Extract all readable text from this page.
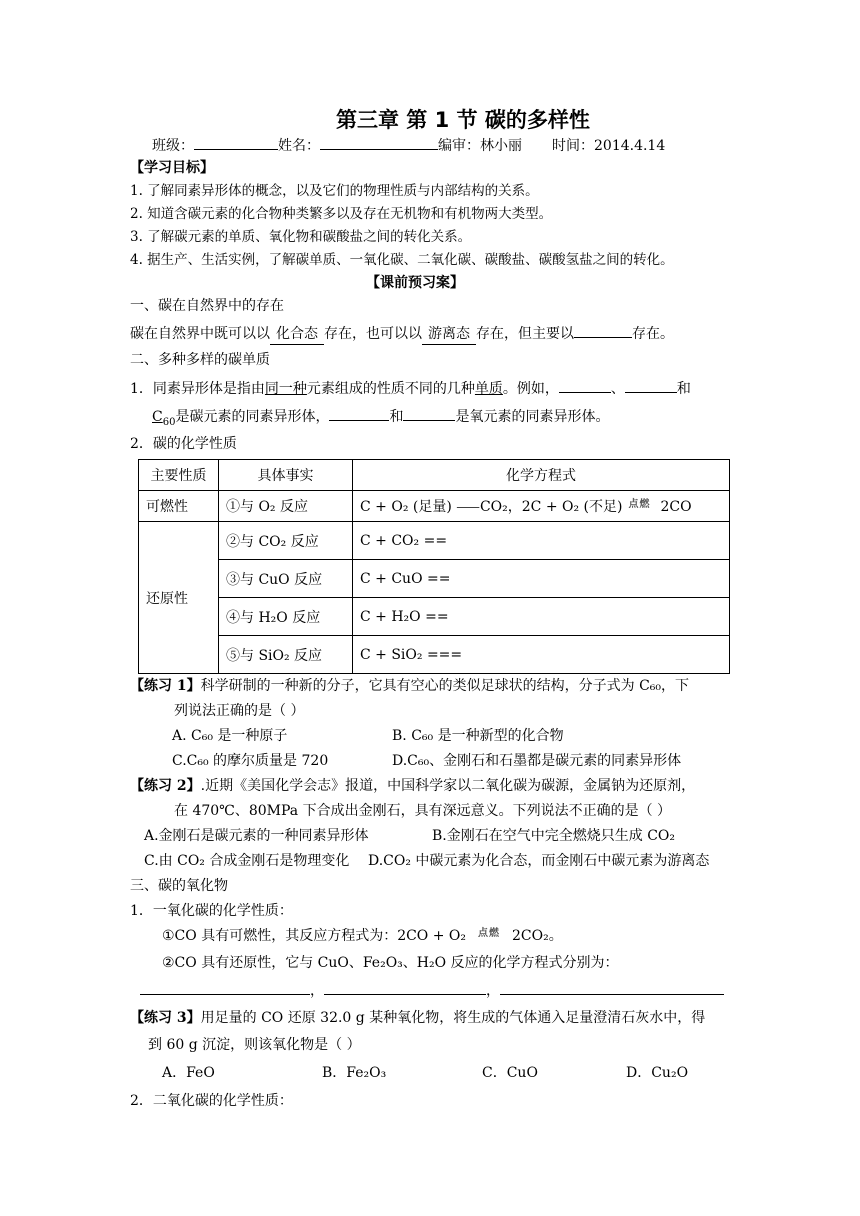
第三章 第 1 节 碳的多样性
班级：	姓名：	编审：林小丽 时间：2014.4.14
【学习目标】
1. 了解同素异形体的概念，以及它们的物理性质与内部结构的关系。
2. 知道含碳元素的化合物种类繁多以及存在无机物和有机物两大类型。
3. 了解碳元素的单质、氧化物和碳酸盐之间的转化关系。
4. 据生产、生活实例，了解碳单质、一氧化碳、二氧化碳、碳酸盐、碳酸氢盐之间的转化。
【课前预习案】
一、碳在自然界中的存在
碳在自然界中既可以以 化合态 存在，也可以以 游离态 存在，但主要以	存在。
二、多种多样的碳单质
1．同素异形体是指由同一种元素组成的性质不同的几种单质。例如，	、	和
$C_{60}$是碳元素的同素异形体，	和	是氧元素的同素异形体。
2．碳的化学性质
主要性质	具体事实	化学方程式
可燃性	①与 O₂ 反应	C + O₂ (足量) ⸺CO₂，2C + O₂ (不足) 点燃 2CO
还原性	②与 CO₂ 反应	C + CO₂ ==
	③与 CuO 反应	C + CuO ==
	④与 H₂O 反应	C + H₂O ==
	⑤与 SiO₂ 反应	C + SiO₂ ===
【练习 1】科学研制的一种新的分子，它具有空心的类似足球状的结构，分子式为 C₆₀，下
列说法正确的是（ ）
A. C₆₀ 是一种原子	B. C₆₀ 是一种新型的化合物
C.C₆₀ 的摩尔质量是 720	D.C₆₀、金刚石和石墨都是碳元素的同素异形体
【练习 2】.近期《美国化学会志》报道，中国科学家以二氧化碳为碳源，金属钠为还原剂，
在 470℃、80MPa 下合成出金刚石，具有深远意义。下列说法不正确的是（ ）
A.金刚石是碳元素的一种同素异形体	B.金刚石在空气中完全燃烧只生成 CO₂
C.由 CO₂ 合成金刚石是物理变化 D.CO₂ 中碳元素为化合态，而金刚石中碳元素为游离态
三、碳的氧化物
1．一氧化碳的化学性质：
①CO 具有可燃性，其反应方程式为：2CO + O₂ 点燃 2CO₂。
②CO 具有还原性，它与 CuO、Fe₂O₃、H₂O 反应的化学方程式分别为：
，	，
【练习 3】用足量的 CO 还原 32.0 g 某种氧化物，将生成的气体通入足量澄清石灰水中，得
到 60 g 沉淀，则该氧化物是（ ）
A．FeO	B．Fe₂O₃	C．CuO	D．Cu₂O
2．二氧化碳的化学性质：
